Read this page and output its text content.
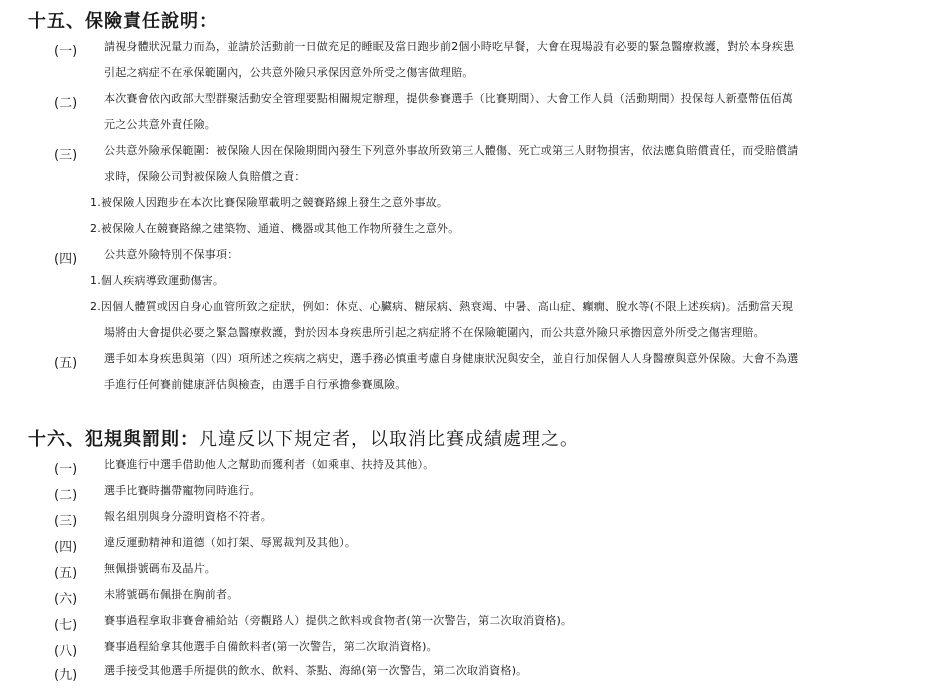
十五、保險責任說明：
(一) 請視身體狀況量力而為，並請於活動前一日做充足的睡眠及當日跑步前2個小時吃早餐，大會在現場設有必要的緊急醫療救護，對於本身疾患
引起之病症不在承保範圍內，公共意外險只承保因意外所受之傷害做理賠。
(二) 本次賽會依內政部大型群聚活動安全管理要點相關規定辦理，提供參賽選手（比賽期間）、大會工作人員（活動期間）投保每人新臺幣伍佰萬
元之公共意外責任險。
(三) 公共意外險承保範圍：被保險人因在保險期間內發生下列意外事故所致第三人體傷、死亡或第三人財物損害，依法應負賠償責任，而受賠償請
求時，保險公司對被保險人負賠償之責：
1.被保險人因跑步在本次比賽保險單載明之競賽路線上發生之意外事故。
2.被保險人在競賽路線之建築物、通道、機器或其他工作物所發生之意外。
(四) 公共意外險特別不保事項：
1.個人疾病導致運動傷害。
2.因個人體質或因自身心血管所致之症狀，例如：休克、心臟病、糖尿病、熱衰竭、中暑、高山症、癲癇、脫水等(不限上述疾病)。活動當天現
場將由大會提供必要之緊急醫療救護，對於因本身疾患所引起之病症將不在保險範圍內，而公共意外險只承擔因意外所受之傷害理賠。
(五) 選手如本身疾患與第（四）項所述之疾病之病史，選手務必慎重考慮自身健康狀況與安全，並自行加保個人人身醫療與意外保險。大會不為選
手進行任何賽前健康評估與檢查，由選手自行承擔參賽風險。
十六、犯規與罰則：凡違反以下規定者，以取消比賽成績處理之。
(一) 比賽進行中選手借助他人之幫助而獲利者（如乘車、扶持及其他）。
(二) 選手比賽時攜帶寵物同時進行。
(三) 報名組別與身分證明資格不符者。
(四) 違反運動精神和道德（如打架、辱罵裁判及其他）。
(五) 無佩掛號碼布及晶片。
(六) 未將號碼布佩掛在胸前者。
(七) 賽事過程拿取非賽會補給站（旁觀路人）提供之飲料或食物者(第一次警告，第二次取消資格)。
(八) 賽事過程給拿其他選手自備飲料者(第一次警告，第二次取消資格)。
(九) 選手接受其他選手所提供的飲水、飲料、茶點、海綿(第一次警告，第二次取消資格)。
